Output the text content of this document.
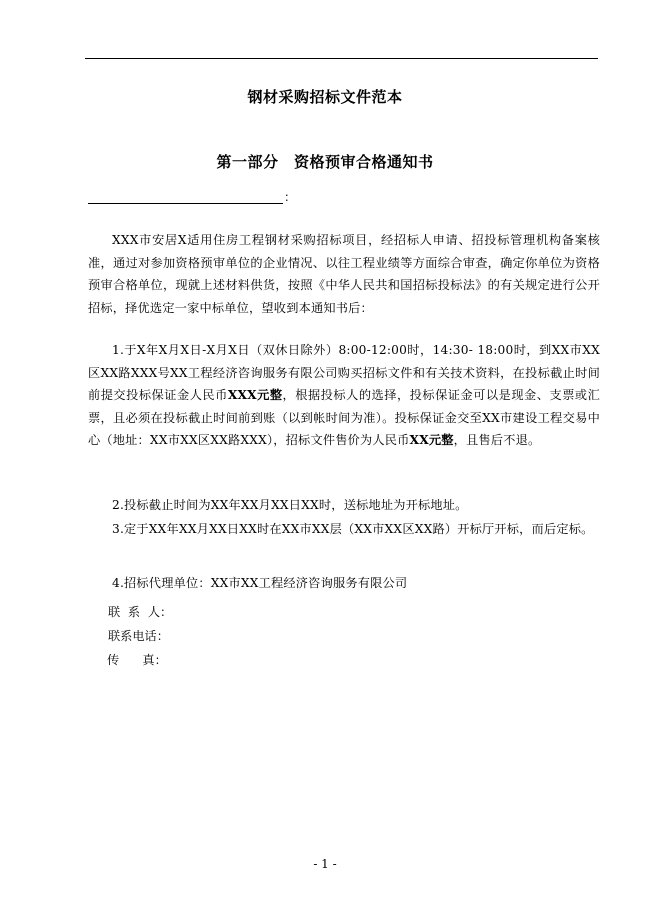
钢材采购招标文件范本
第一部分　资格预审合格通知书
：
XXX市安居X适用住房工程钢材采购招标项目，经招标人申请、招投标管理机构备案核准，通过对参加资格预审单位的企业情况、以往工程业绩等方面综合审查，确定你单位为资格预审合格单位，现就上述材料供货，按照《中华人民共和国招标投标法》的有关规定进行公开招标，择优选定一家中标单位，望收到本通知书后：
1.于X年X月X日-X月X日（双休日除外）8:00-12:00时，14:30- 18:00时，到XX市XX区XX路XXX号XX工程经济咨询服务有限公司购买招标文件和有关技术资料，在投标截止时间前提交投标保证金人民币XXX元整，根据投标人的选择，投标保证金可以是现金、支票或汇票，且必须在投标截止时间前到账（以到帐时间为准）。投标保证金交至XX市建设工程交易中心（地址：XX市XX区XX路XXX），招标文件售价为人民币XX元整，且售后不退。
2.投标截止时间为XX年XX月XX日XX时，送标地址为开标地址。
3.定于XX年XX月XX日XX时在XX市XX层（XX市XX区XX路）开标厅开标，而后定标。
4.招标代理单位：XX市XX工程经济咨询服务有限公司
联  系  人：
联系电话：
传      真：
- 1 -
